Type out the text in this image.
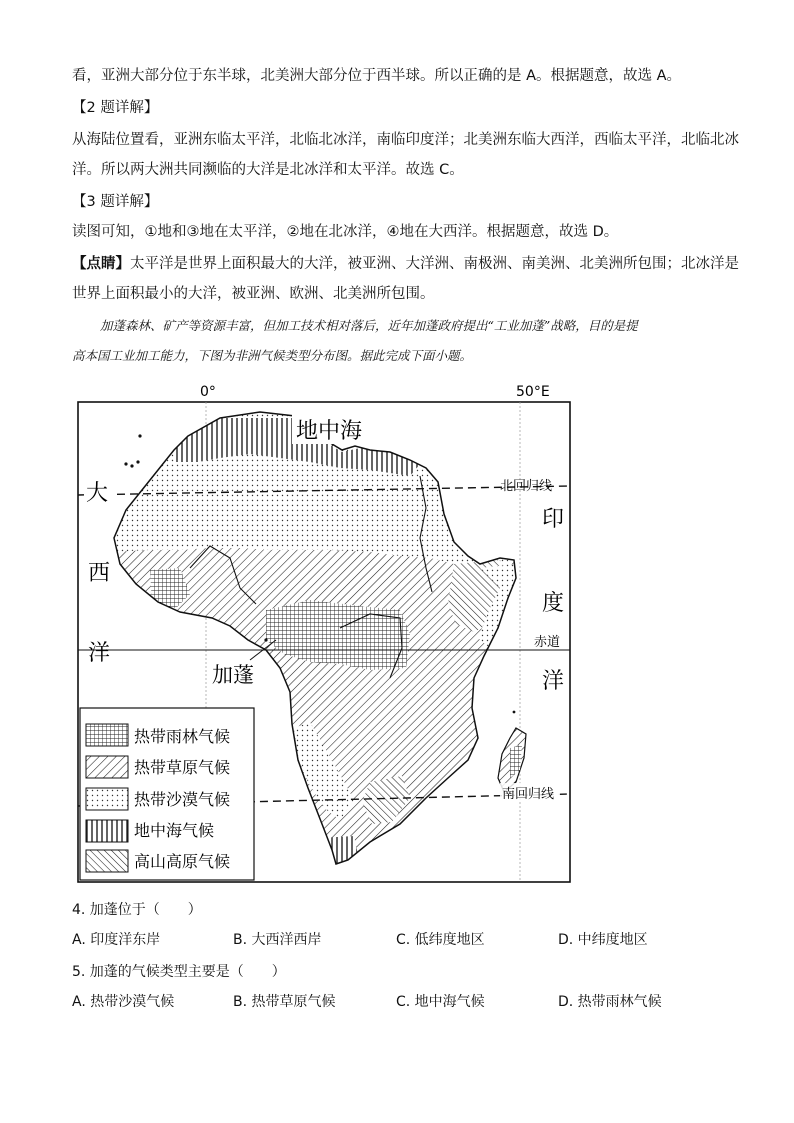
看，亚洲大部分位于东半球，北美洲大部分位于西半球。所以正确的是 A。根据题意，故选 A。
【2 题详解】
从海陆位置看，亚洲东临太平洋，北临北冰洋，南临印度洋；北美洲东临大西洋，西临太平洋，北临北冰
洋。所以两大洲共同濒临的大洋是北冰洋和太平洋。故选 C。
【3 题详解】
读图可知，①地和③地在太平洋，②地在北冰洋，④地在大西洋。根据题意，故选 D。
【点睛】太平洋是世界上面积最大的大洋，被亚洲、大洋洲、南极洲、南美洲、北美洲所包围；北冰洋是
世界上面积最小的大洋，被亚洲、欧洲、北美洲所包围。
加蓬森林、矿产等资源丰富，但加工技术相对落后，近年加蓬政府提出“工业加蓬”战略，目的是提
高本国工业加工能力，下图为非洲气候类型分布图。据此完成下面小题。
0°	50°E
地中海
大
西
洋
印
度
洋
北回归线
赤道
南回归线
加蓬
热带雨林气候
热带草原气候
热带沙漠气候
地中海气候
高山高原气候
4. 加蓬位于（　　）
A. 印度洋东岸	B. 大西洋西岸	C. 低纬度地区	D. 中纬度地区
5. 加蓬的气候类型主要是（　　）
A. 热带沙漠气候	B. 热带草原气候	C. 地中海气候	D. 热带雨林气候
